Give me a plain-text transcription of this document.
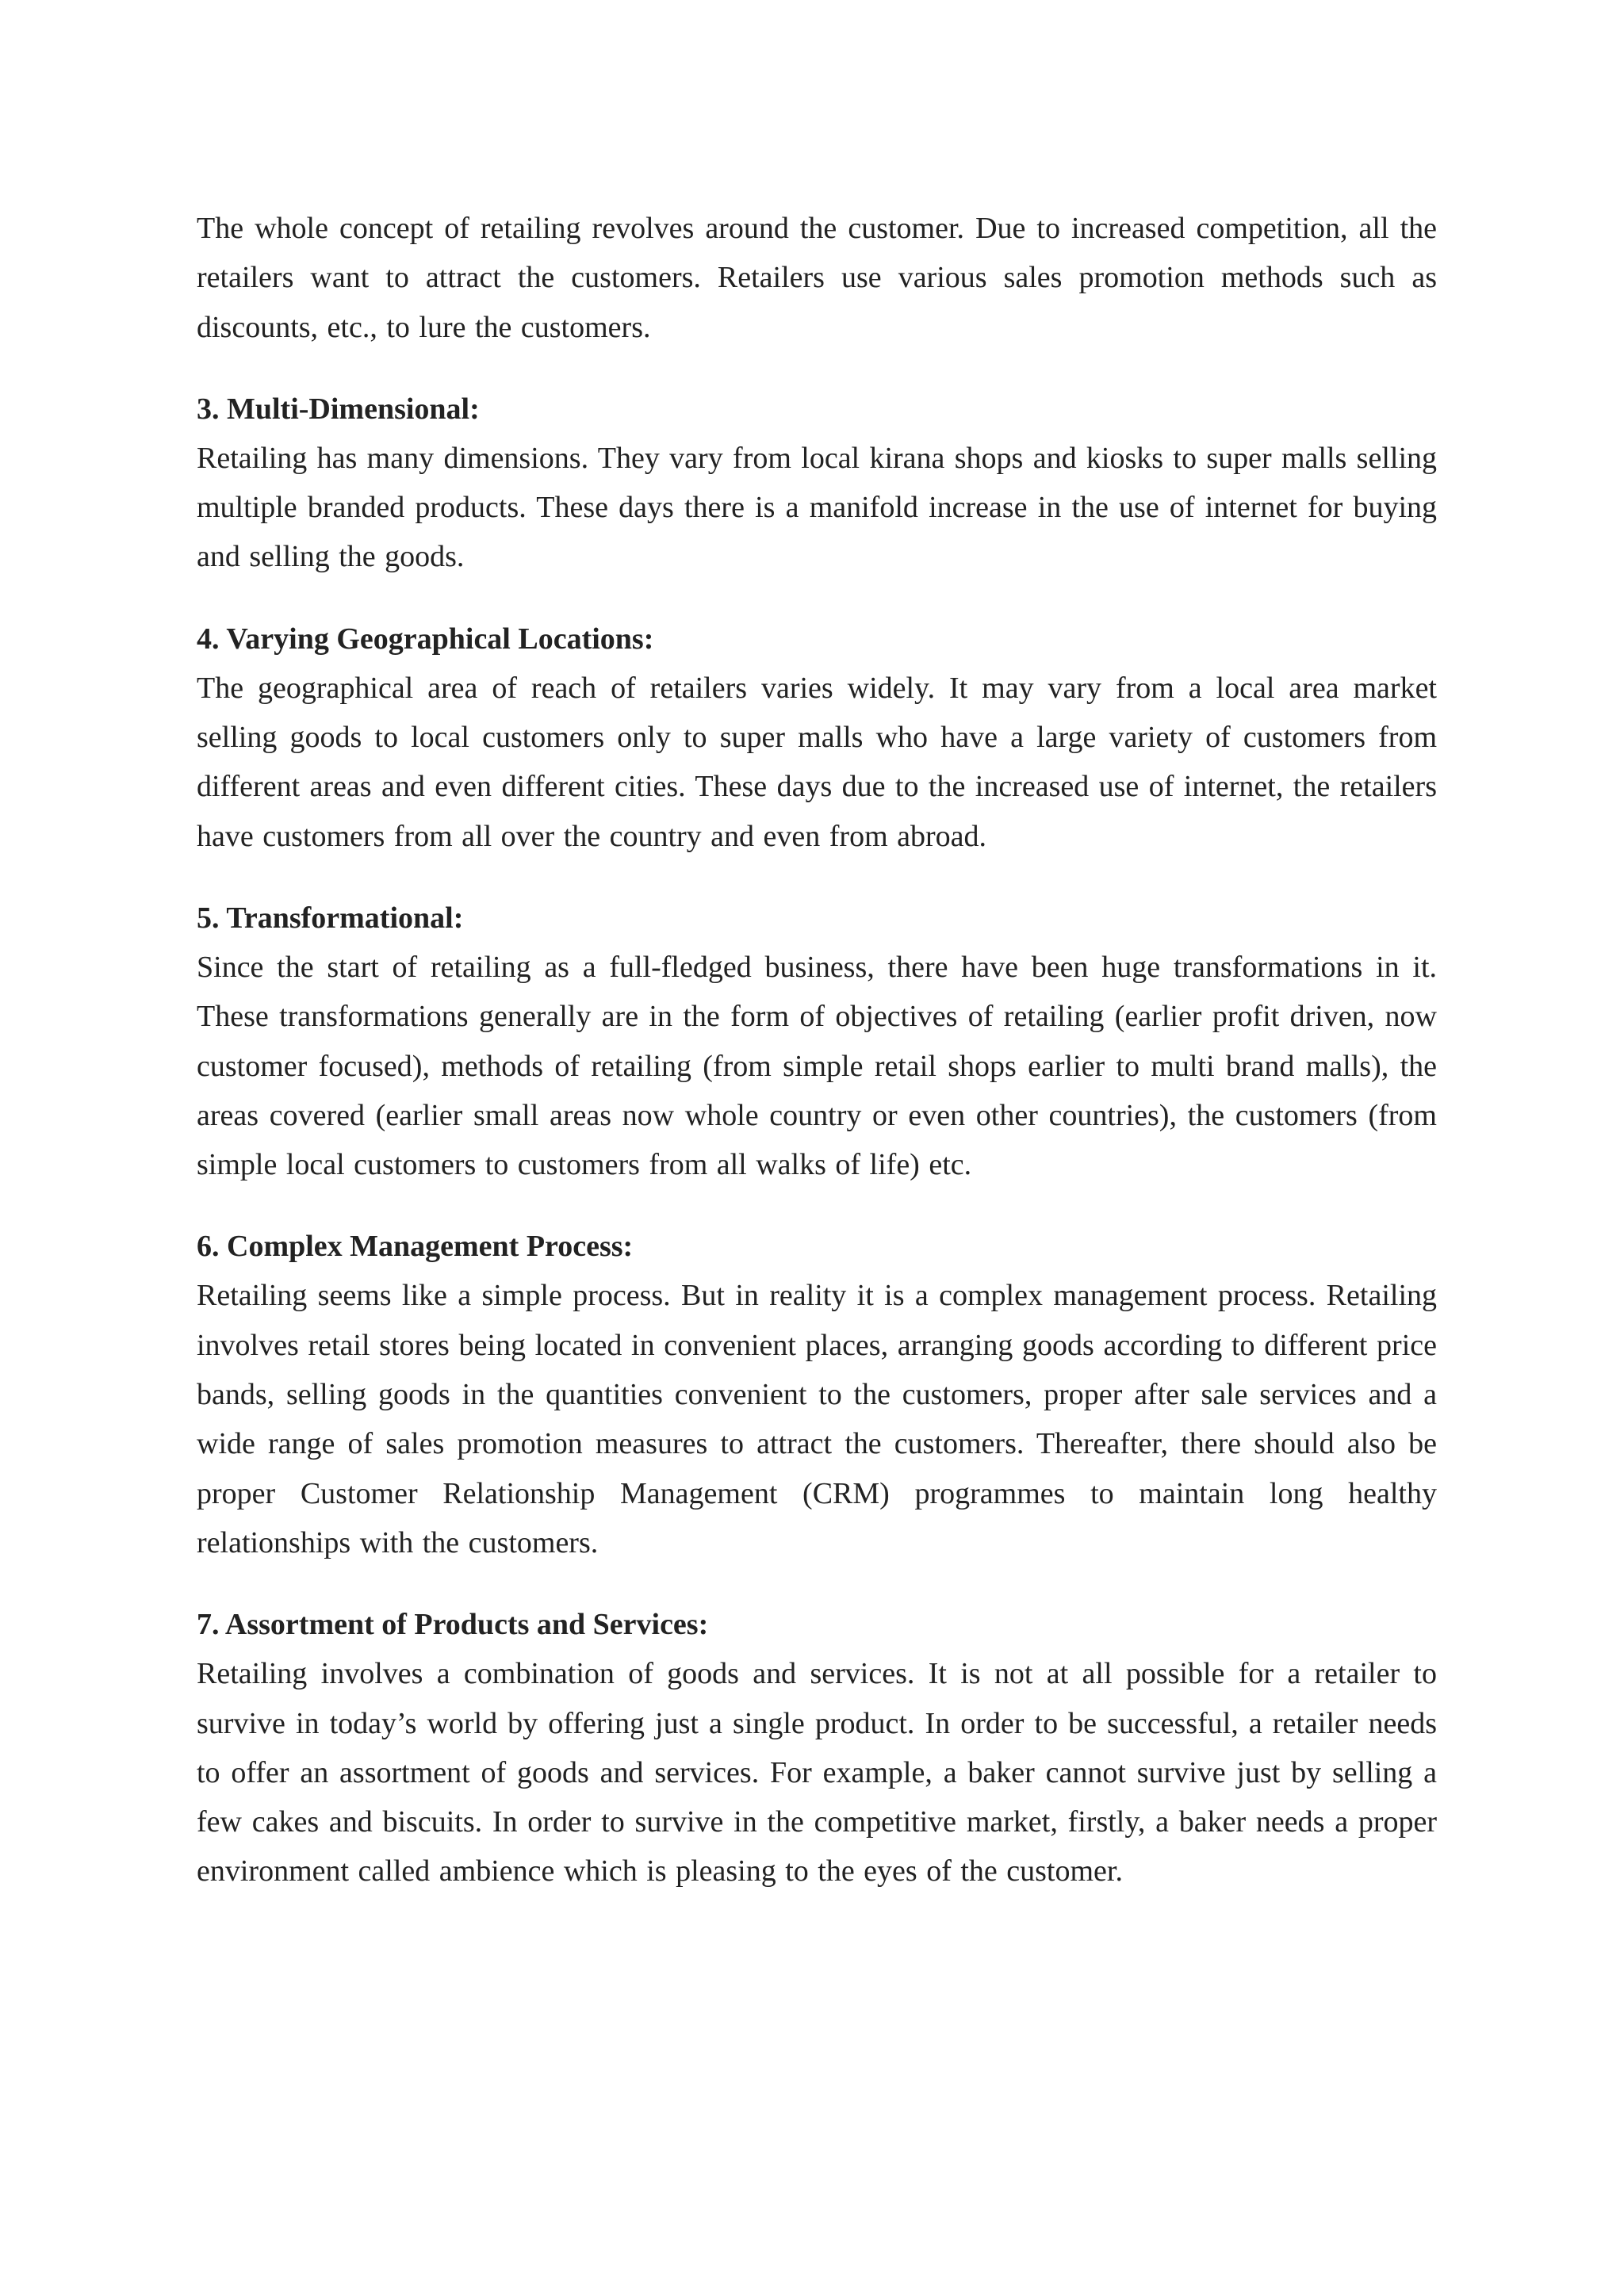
The whole concept of retailing revolves around the customer. Due to increased competition, all the retailers want to attract the customers. Retailers use various sales promotion methods such as discounts, etc., to lure the customers.

3. Multi-Dimensional:

Retailing has many dimensions. They vary from local kirana shops and kiosks to super malls selling multiple branded products. These days there is a manifold increase in the use of internet for buying and selling the goods.

4. Varying Geographical Locations:

The geographical area of reach of retailers varies widely. It may vary from a local area market selling goods to local customers only to super malls who have a large variety of customers from different areas and even different cities. These days due to the increased use of internet, the retailers have customers from all over the country and even from abroad.

5. Transformational:

Since the start of retailing as a full-fledged business, there have been huge transformations in it. These transformations generally are in the form of objectives of retailing (earlier profit driven, now customer focused), methods of retailing (from simple retail shops earlier to multi brand malls), the areas covered (earlier small areas now whole country or even other countries), the customers (from simple local customers to customers from all walks of life) etc.

6. Complex Management Process:

Retailing seems like a simple process. But in reality it is a complex management process. Retailing involves retail stores being located in convenient places, arranging goods according to different price bands, selling goods in the quantities convenient to the customers, proper after sale services and a wide range of sales promotion measures to attract the customers. Thereafter, there should also be proper Customer Relationship Management (CRM) programmes to maintain long healthy relationships with the customers.

7. Assortment of Products and Services:

Retailing involves a combination of goods and services. It is not at all possible for a retailer to survive in today’s world by offering just a single product. In order to be successful, a retailer needs to offer an assortment of goods and services. For example, a baker cannot survive just by selling a few cakes and biscuits. In order to survive in the competitive market, firstly, a baker needs a proper environment called ambience which is pleasing to the eyes of the customer.
